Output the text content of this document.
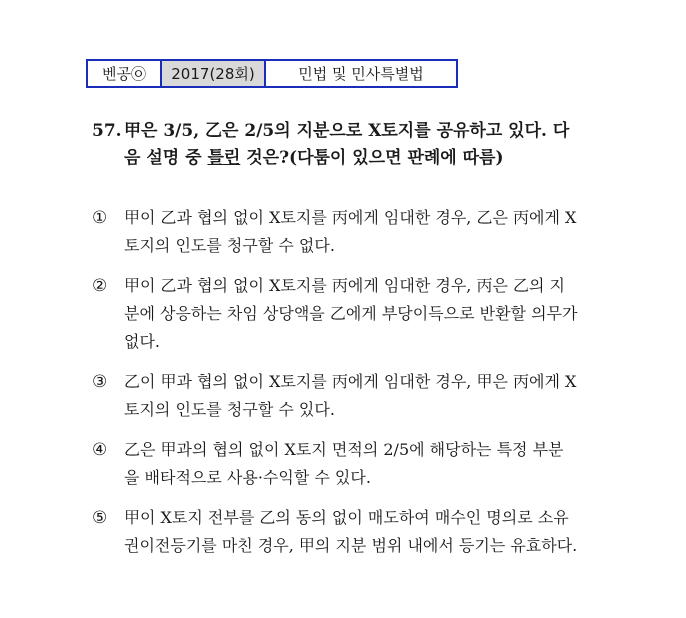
벤공㉧	2017(28회)	민법 및 민사특별법
57. 甲은 3/5, 乙은 2/5의 지분으로 X토지를 공유하고 있다. 다음 설명 중 틀린 것은?(다툼이 있으면 판례에 따름)
①	甲이 乙과 협의 없이 X토지를 丙에게 임대한 경우, 乙은 丙에게 X토지의 인도를 청구할 수 없다.
②	甲이 乙과 협의 없이 X토지를 丙에게 임대한 경우, 丙은 乙의 지분에 상응하는 차임 상당액을 乙에게 부당이득으로 반환할 의무가 없다.
③	乙이 甲과 협의 없이 X토지를 丙에게 임대한 경우, 甲은 丙에게 X토지의 인도를 청구할 수 있다.
④	乙은 甲과의 협의 없이 X토지 면적의 2/5에 해당하는 특정 부분을 배타적으로 사용·수익할 수 있다.
⑤	甲이 X토지 전부를 乙의 동의 없이 매도하여 매수인 명의로 소유권이전등기를 마친 경우, 甲의 지분 범위 내에서 등기는 유효하다.
